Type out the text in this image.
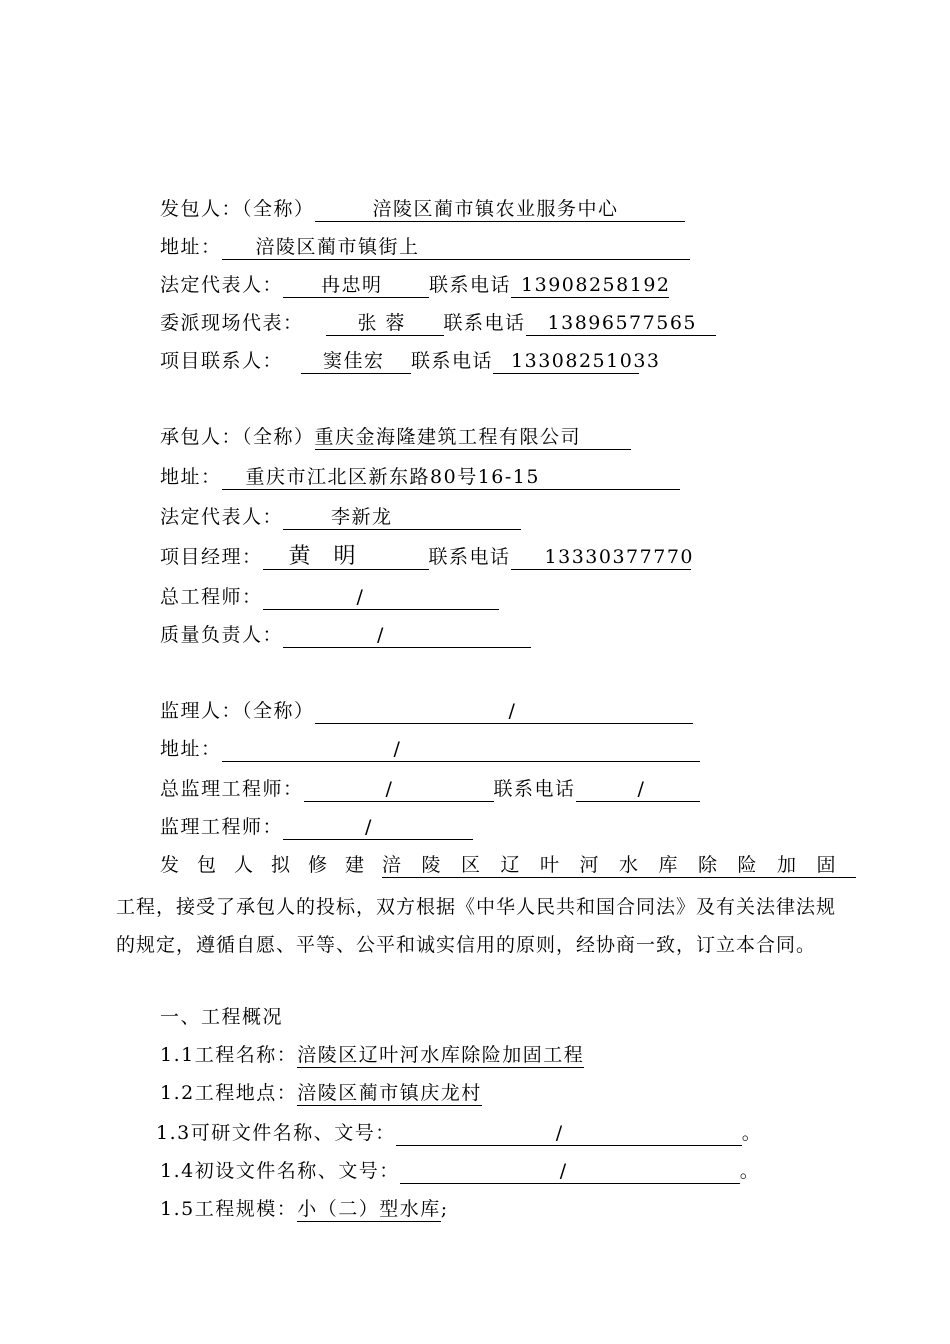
发包人：（全称）	涪陵区蔺市镇农业服务中心
地址： 涪陵区蔺市镇街上
法定代表人： 冉忠明 联系电话 13908258192
委派现场代表：	张 蓉 联系电话 13896577565
项目联系人： 窦佳宏 联系电话 13308251033
承包人：（全称）重庆金海隆建筑工程有限公司
地址： 重庆市江北区新东路80号16-15
法定代表人：	李新龙
项目经理： 黄 明	联系电话 13330377770
总工程师：	/
质量负责人：	/
监理人：（全称）	/
地址：	/
总监理工程师：	/	联系电话	/
监理工程师：	/
发包人拟修建涪陵区辽叶河水库除险加固
工程，接受了承包人的投标，双方根据《中华人民共和国合同法》及有关法律法规的规定，遵循自愿、平等、公平和诚实信用的原则，经协商一致，订立本合同。
一、工程概况
1.1工程名称：涪陵区辽叶河水库除险加固工程
1.2工程地点：涪陵区蔺市镇庆龙村
1.3可研文件名称、文号：	/	。
1.4初设文件名称、文号：	/	。
1.5工程规模：小（二）型水库;
